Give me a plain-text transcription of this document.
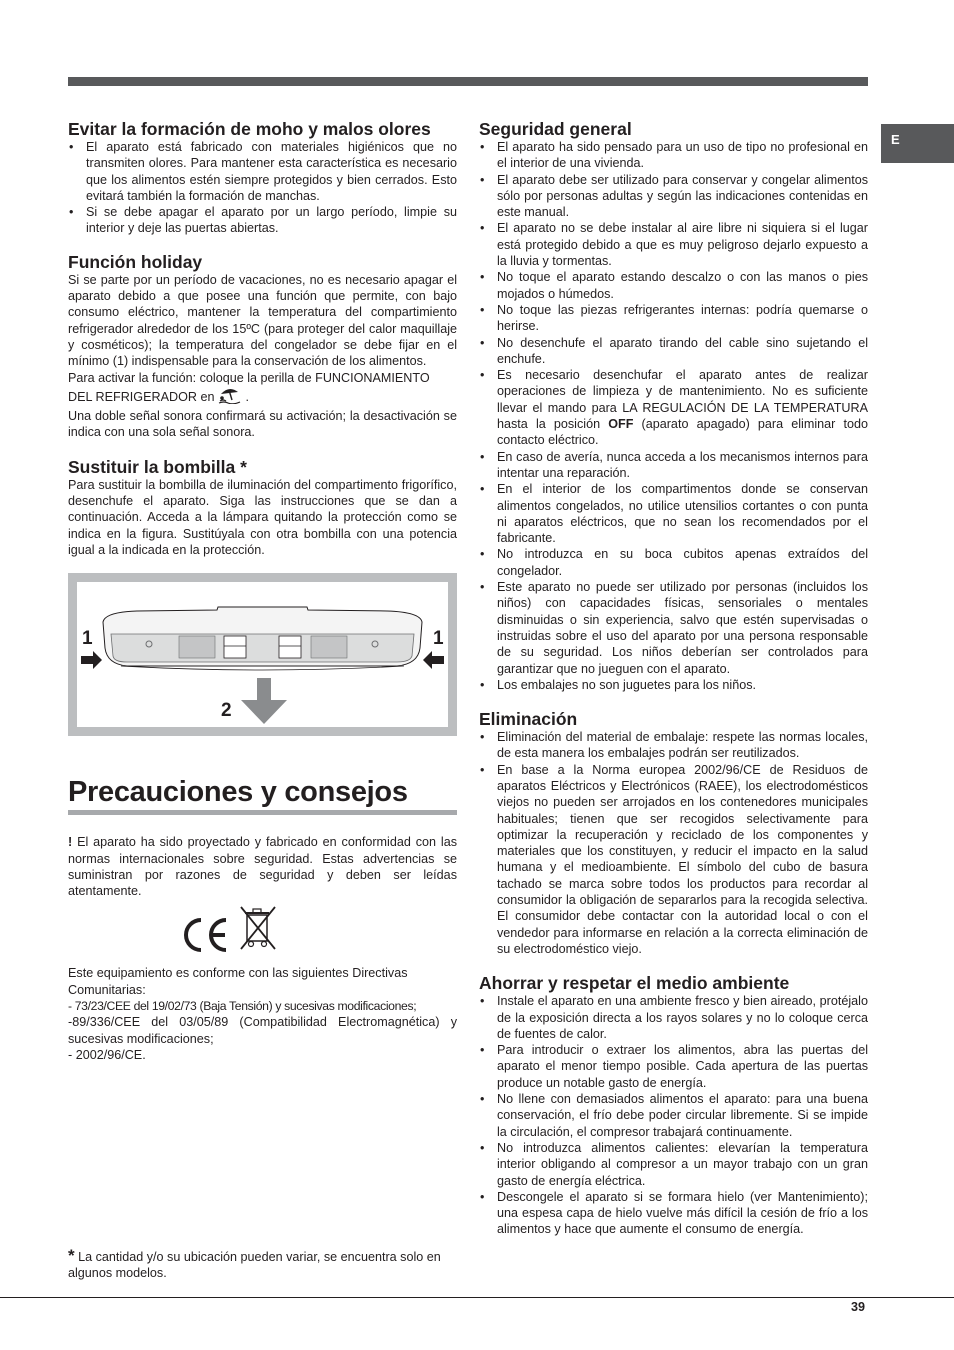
E
Evitar la formación de moho y malos olores
• El aparato está fabricado con materiales higiénicos que no transmiten olores. Para mantener esta característica es necesario que los alimentos estén siempre protegidos y bien cerrados. Esto evitará también la formación de manchas.
• Si se debe apagar el aparato por un largo período, limpie su interior y deje las puertas abiertas.
Función holiday

Si se parte por un período de vacaciones, no es necesario apagar el aparato debido a que posee una función que permite, con bajo consumo eléctrico, mantener la temperatura del compartimiento refrigerador alrededor de los 15ºC (para proteger del calor maquillaje y cosméticos); la temperatura del congelador se debe fijar en el mínimo (1) indispensable para la conservación de los alimentos.

Para activar la función: coloque la perilla de FUNCIONAMIENTO DEL REFRIGERADOR en .

Una doble señal sonora confirmará su activación; la desactivación se indica con una sola señal sonora.

Sustituir la bombilla *

Para sustituir la bombilla de iluminación del compartimento frigorífico, desenchufe el aparato. Siga las instrucciones que se dan a continuación. Acceda a la lámpara quitando la protección como se indica en la figura. Sustitúyala con otra bombilla con una potencia igual a la indicada en la protección.

1	1
2
Precauciones y consejos

! El aparato ha sido proyectado y fabricado en conformidad con las normas internacionales sobre seguridad. Estas advertencias se suministran por razones de seguridad y deben ser leídas atentamente.

Este equipamiento es conforme con las siguientes Directivas Comunitarias:

- 73/23/CEE del 19/02/73 (Baja Tensión) y sucesivas modificaciones;

-89/336/CEE del 03/05/89 (Compatibilidad Electromagnética) y sucesivas modificaciones;

- 2002/96/CE.

* La cantidad y/o su ubicación pueden variar, se encuentra solo en algunos modelos.
Seguridad general
• El aparato ha sido pensado para un uso de tipo no profesional en el interior de una vivienda.
• El aparato debe ser utilizado para conservar y congelar alimentos sólo por personas adultas y según las indicaciones contenidas en este manual.
• El aparato no se debe instalar al aire libre ni siquiera si el lugar está protegido debido a que es muy peligroso dejarlo expuesto a la lluvia y tormentas.
• No toque el aparato estando descalzo o con las manos o pies mojados o húmedos.
• No toque las piezas refrigerantes internas: podría quemarse o herirse.
• No desenchufe el aparato tirando del cable sino sujetando el enchufe.
• Es necesario desenchufar el aparato antes de realizar operaciones de limpieza y de mantenimiento. No es suficiente llevar el mando para LA REGULACIÓN DE LA TEMPERATURA hasta la posición OFF (aparato apagado) para eliminar todo contacto eléctrico.
• En caso de avería, nunca acceda a los mecanismos internos para intentar una reparación.
• En el interior de los compartimentos donde se conservan alimentos congelados, no utilice utensilios cortantes o con punta ni aparatos eléctricos, que no sean los recomendados por el fabricante.
• No introduzca en su boca cubitos apenas extraídos del congelador.
• Este aparato no puede ser utilizado por personas (incluidos los niños) con capacidades físicas, sensoriales o mentales disminuidas o sin experiencia, salvo que estén supervisadas o instruidas sobre el uso del aparato por una persona responsable de su seguridad. Los niños deberían ser controlados para garantizar que no jueguen con el aparato.
• Los embalajes no son juguetes para los niños.
Eliminación
• Eliminación del material de embalaje: respete las normas locales, de esta manera los embalajes podrán ser reutilizados.
• En base a la Norma europea 2002/96/CE de Residuos de aparatos Eléctricos y Electrónicos (RAEE), los electrodomésticos viejos no pueden ser arrojados en los contenedores municipales habituales; tienen que ser recogidos selectivamente para optimizar la recuperación y reciclado de los componentes y materiales que los constituyen, y reducir el impacto en la salud humana y el medioambiente. El símbolo del cubo de basura tachado se marca sobre todos los productos para recordar al consumidor la obligación de separarlos para la recogida selectiva. El consumidor debe contactar con la autoridad local o con el vendedor para informarse en relación a la correcta eliminación de su electrodoméstico viejo.
Ahorrar y respetar el medio ambiente
• Instale el aparato en una ambiente fresco y bien aireado, protéjalo de la exposición directa a los rayos solares y no lo coloque cerca de fuentes de calor.
• Para introducir o extraer los alimentos, abra las puertas del aparato el menor tiempo posible. Cada apertura de las puertas produce un notable gasto de energía.
• No llene con demasiados alimentos el aparato: para una buena conservación, el frío debe poder circular libremente. Si se impide la circulación, el compresor trabajará continuamente.
• No introduzca alimentos calientes: elevarían la temperatura interior obligando al compresor a un mayor trabajo con un gran gasto de energía eléctrica.
• Descongele el aparato si se formara hielo (ver Mantenimiento); una espesa capa de hielo vuelve más difícil la cesión de frío a los alimentos y hace que aumente el consumo de energía.
39
